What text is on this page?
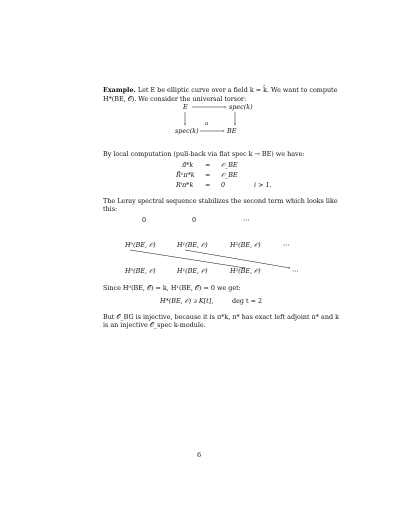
Example. Let E be elliptic curve over a field k = k̄. We want to compute
H*(BE, 𝒪). We consider the universal torsor:
E	spec(k)
spec(k)	BE
π
By local computation (pull-back via flat spec k → BE) we have:
π̃*k = 𝒪_BE
R̃¹π*k = 𝒪_BE
Rⁱπ*k = 0	i > 1.
The Leray spectral sequence stabilizes the second term which looks like
this:
0	0	⋯
H⁰(BE, 𝒪)	H¹(BE, 𝒪)	H²(BE, 𝒪)	⋯
H⁰(BE, 𝒪)	H¹(BE, 𝒪)	H²(BE, 𝒪)	⋯
Since H⁰(BE, 𝒪) = k, H¹(BE, 𝒪) = 0 we get:
H*(BE, 𝒪) ≅ K[t],	deg t = 2
But 𝒪_BG is injective, because it is π*k, π* has exact left adjoint π* and k
is an injective 𝒪_spec k-module.
6
